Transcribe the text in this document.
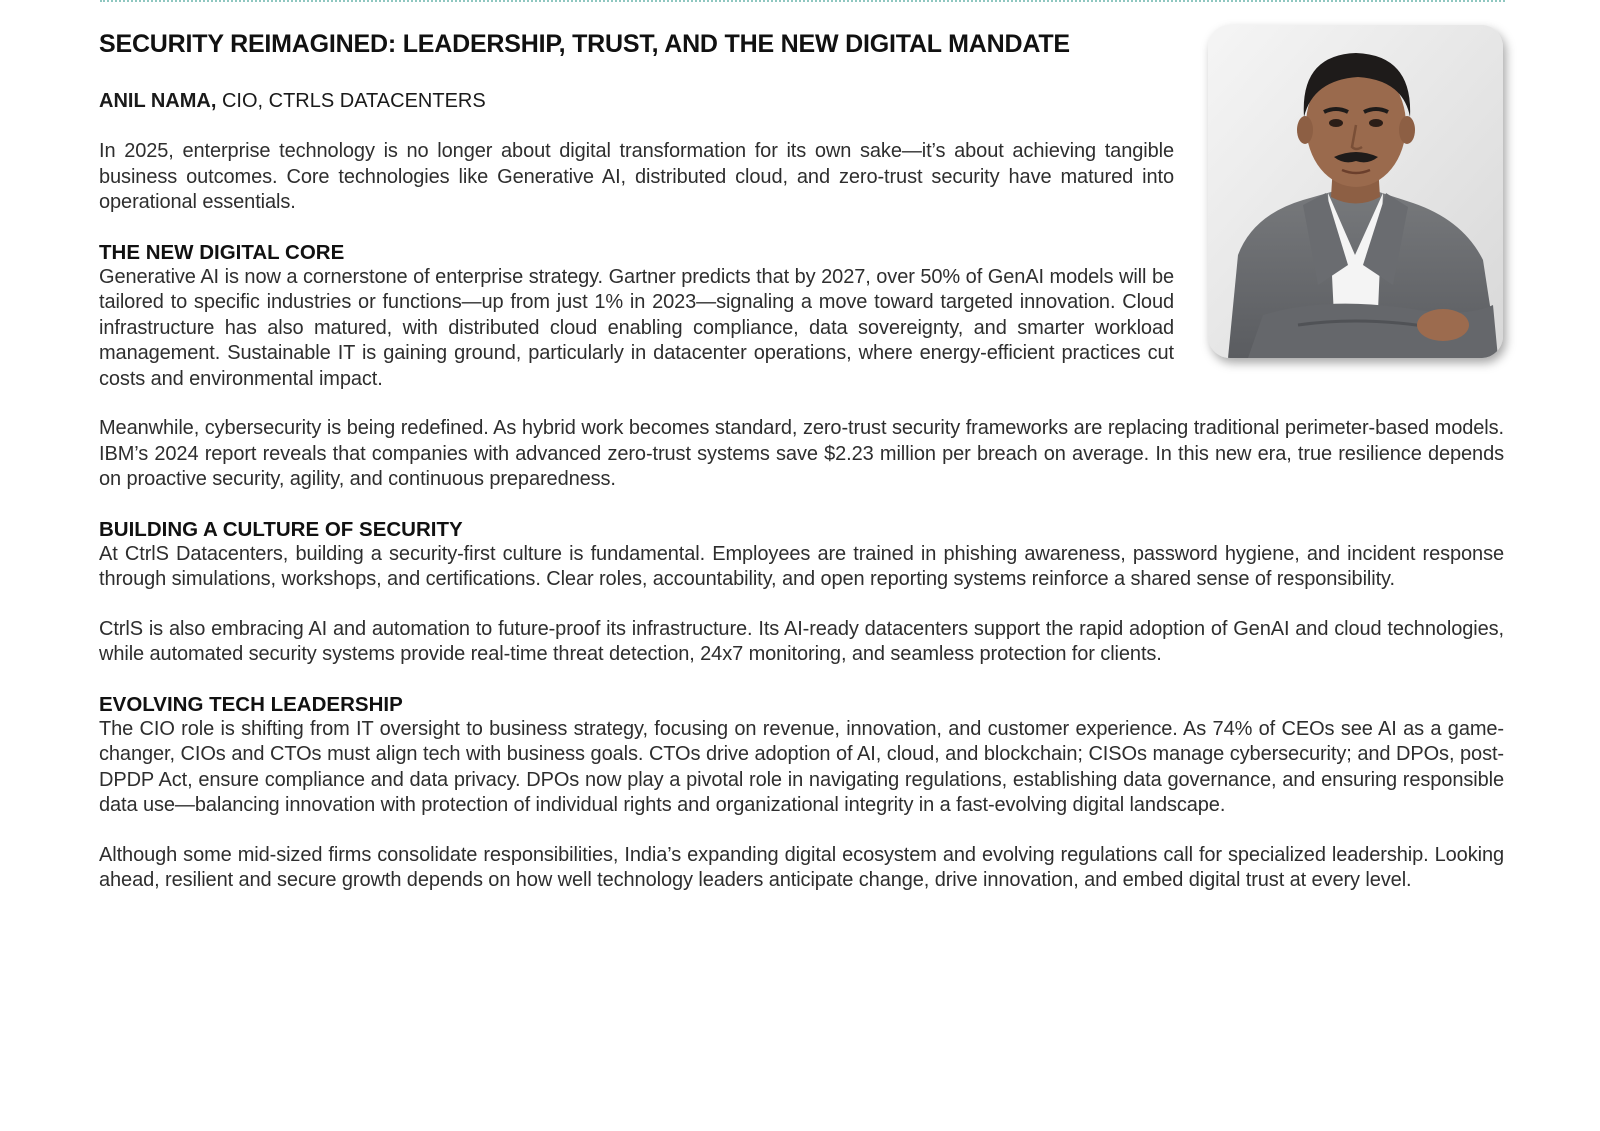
SECURITY REIMAGINED: LEADERSHIP, TRUST, AND THE NEW DIGITAL MANDATE

ANIL NAMA, CIO, CTRLS DATACENTERS

In 2025, enterprise technology is no longer about digital transformation for its own sake—it’s about achieving tangible business outcomes. Core technologies like Generative AI, distributed cloud, and zero-trust security have matured into operational essentials.

THE NEW DIGITAL CORE

Generative AI is now a cornerstone of enterprise strategy. Gartner predicts that by 2027, over 50% of GenAI models will be tailored to specific industries or functions—up from just 1% in 2023—signaling a move toward targeted innovation. Cloud infrastructure has also matured, with distributed cloud enabling compliance, data sovereignty, and smarter workload management. Sustainable IT is gaining ground, particularly in datacenter operations, where energy-efficient practices cut costs and environmental impact.

Meanwhile, cybersecurity is being redefined. As hybrid work becomes standard, zero-trust security frameworks are replacing traditional perimeter-based models. IBM’s 2024 report reveals that companies with advanced zero-trust systems save $2.23 million per breach on average. In this new era, true resilience depends on proactive security, agility, and continuous preparedness.

BUILDING A CULTURE OF SECURITY

At CtrlS Datacenters, building a security-first culture is fundamental. Employees are trained in phishing awareness, password hygiene, and incident response through simulations, workshops, and certifications. Clear roles, accountability, and open reporting systems reinforce a shared sense of responsibility.

CtrlS is also embracing AI and automation to future-proof its infrastructure. Its AI-ready datacenters support the rapid adoption of GenAI and cloud technologies, while automated security systems provide real-time threat detection, 24x7 monitoring, and seamless protection for clients.

EVOLVING TECH LEADERSHIP

The CIO role is shifting from IT oversight to business strategy, focusing on revenue, innovation, and customer experience. As 74% of CEOs see AI as a game-changer, CIOs and CTOs must align tech with business goals. CTOs drive adoption of AI, cloud, and blockchain; CISOs manage cybersecurity; and DPOs, post-DPDP Act, ensure compliance and data privacy. DPOs now play a pivotal role in navigating regulations, establishing data governance, and ensuring responsible data use—balancing innovation with protection of individual rights and organizational integrity in a fast-evolving digital landscape.

Although some mid-sized firms consolidate responsibilities, India’s expanding digital ecosystem and evolving regulations call for specialized leadership. Looking ahead, resilient and secure growth depends on how well technology leaders anticipate change, drive innovation, and embed digital trust at every level.
